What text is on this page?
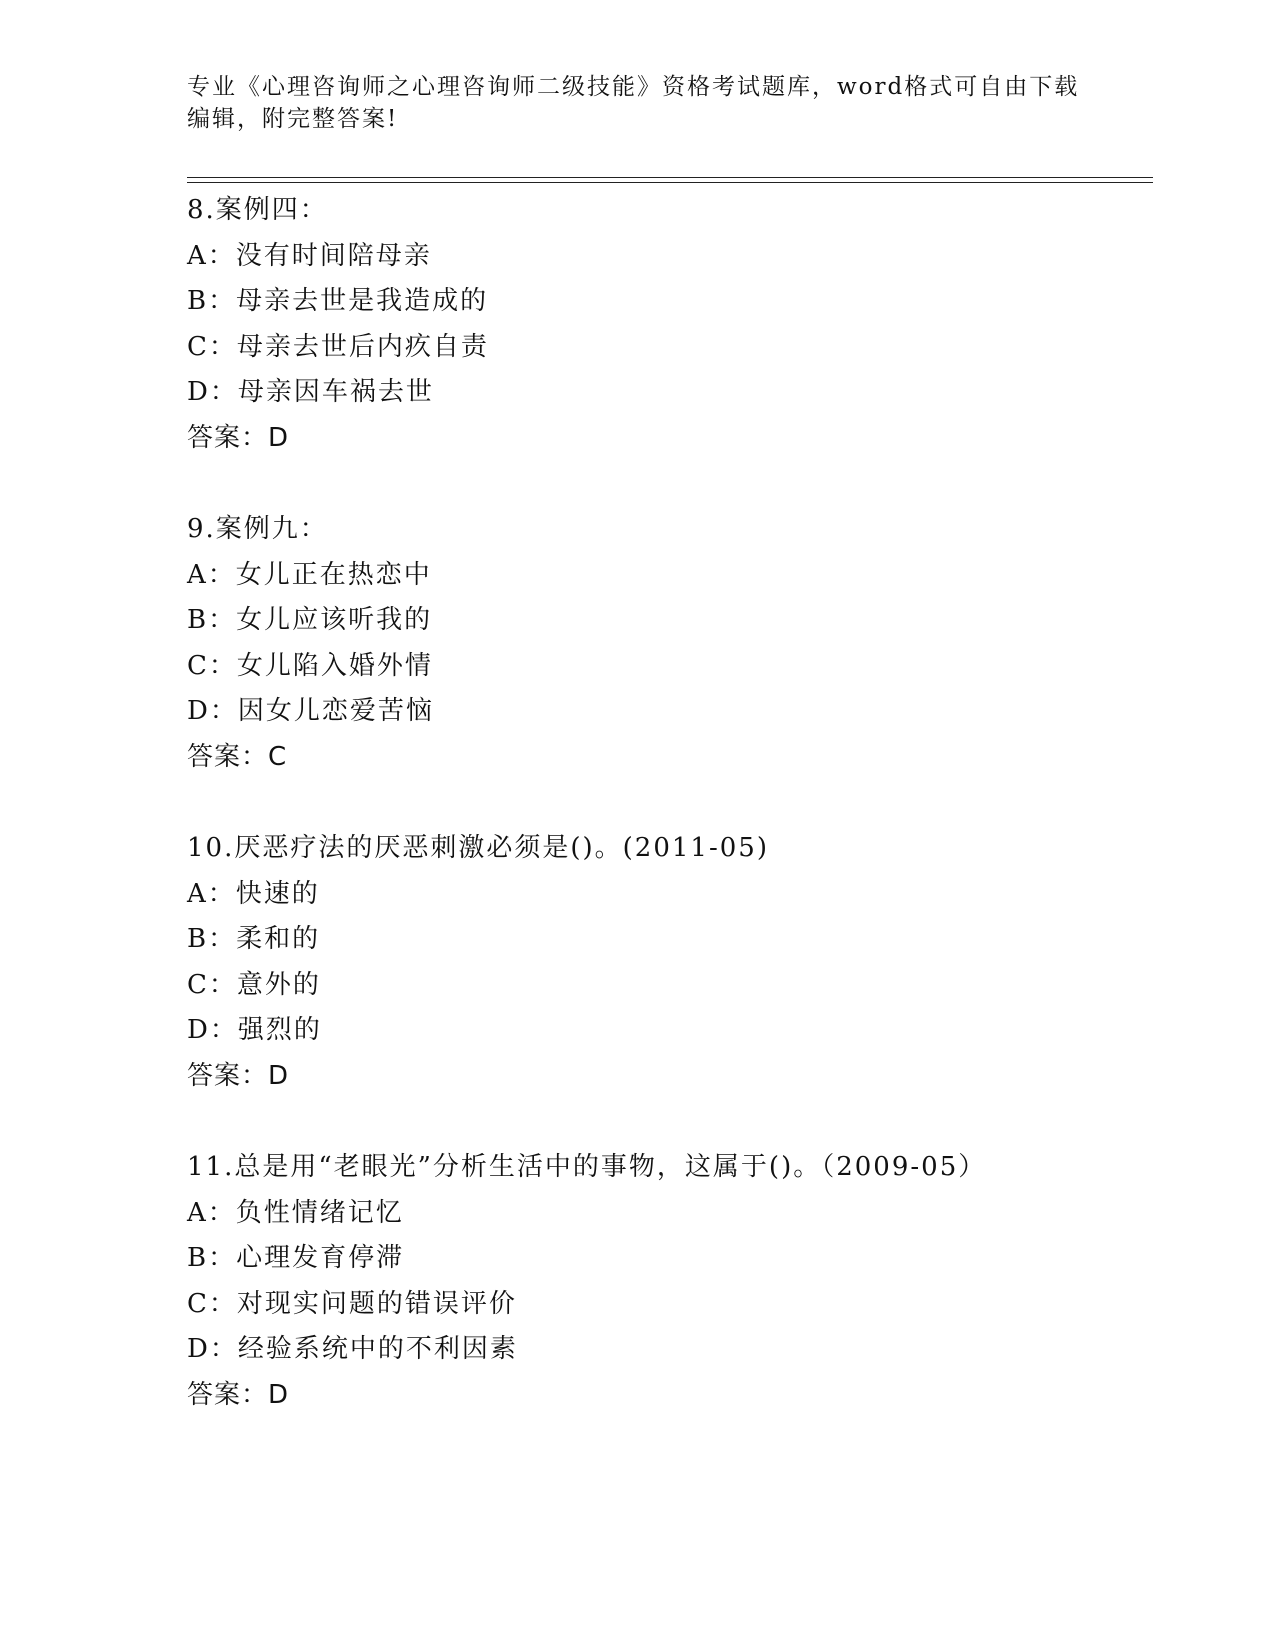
专业《心理咨询师之心理咨询师二级技能》资格考试题库，word格式可自由下载
编辑，附完整答案!
8.案例四：
A：没有时间陪母亲
B：母亲去世是我造成的
C：母亲去世后内疚自责
D：母亲因车祸去世
答案：D
9.案例九：
A：女儿正在热恋中
B：女儿应该听我的
C：女儿陷入婚外情
D：因女儿恋爱苦恼
答案：C
10.厌恶疗法的厌恶刺激必须是()。(2011-05)
A：快速的
B：柔和的
C：意外的
D：强烈的
答案：D
11.总是用“老眼光”分析生活中的事物，这属于()。（2009-05）
A：负性情绪记忆
B：心理发育停滞
C：对现实问题的错误评价
D：经验系统中的不利因素
答案：D
